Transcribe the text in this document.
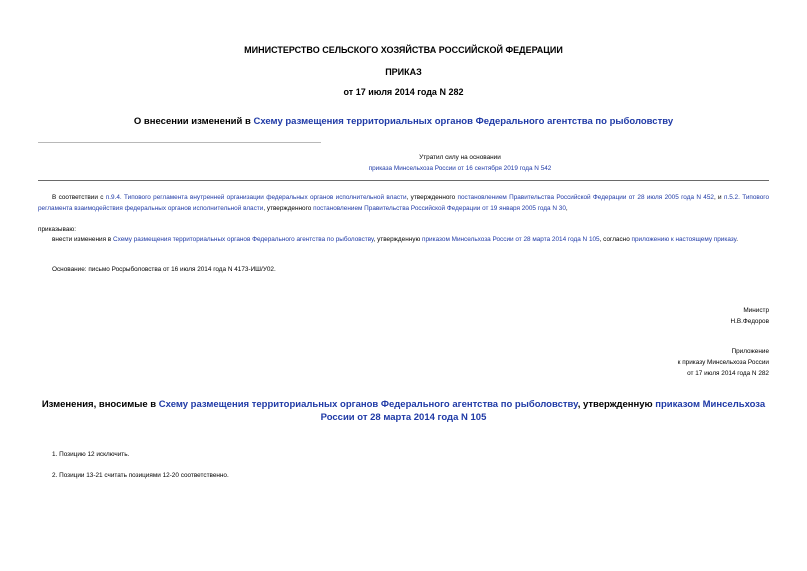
МИНИСТЕРСТВО СЕЛЬСКОГО ХОЗЯЙСТВА РОССИЙСКОЙ ФЕДЕРАЦИИ
ПРИКАЗ
от 17 июля 2014 года N 282
О внесении изменений в Схему размещения территориальных органов Федерального агентства по рыболовству
Утратил силу на основании
приказа Минсельхоза России от 16 сентября 2019 года N 542
В соответствии с п.9.4. Типового регламента внутренней организации федеральных органов исполнительной власти, утвержденного постановлением Правительства Российской Федерации от 28 июля 2005 года N 452, и п.5.2. Типового регламента взаимодействия федеральных органов исполнительной власти, утвержденного постановлением Правительства Российской Федерации от 19 января 2005 года N 30,
приказываю:
внести изменения в Схему размещения территориальных органов Федерального агентства по рыболовству, утвержденную приказом Минсельхоза России от 28 марта 2014 года N 105, согласно приложению к настоящему приказу.
Основание: письмо Росрыболовства от 16 июля 2014 года N 4173-ИШ/У02.
Министр
Н.В.Федоров
Приложение
к приказу Минсельхоза России
от 17 июля 2014 года N 282
Изменения, вносимые в Схему размещения территориальных органов Федерального агентства по рыболовству, утвержденную приказом Минсельхоза России от 28 марта 2014 года N 105
1. Позицию 12 исключить.
2. Позиции 13-21 считать позициями 12-20 соответственно.
